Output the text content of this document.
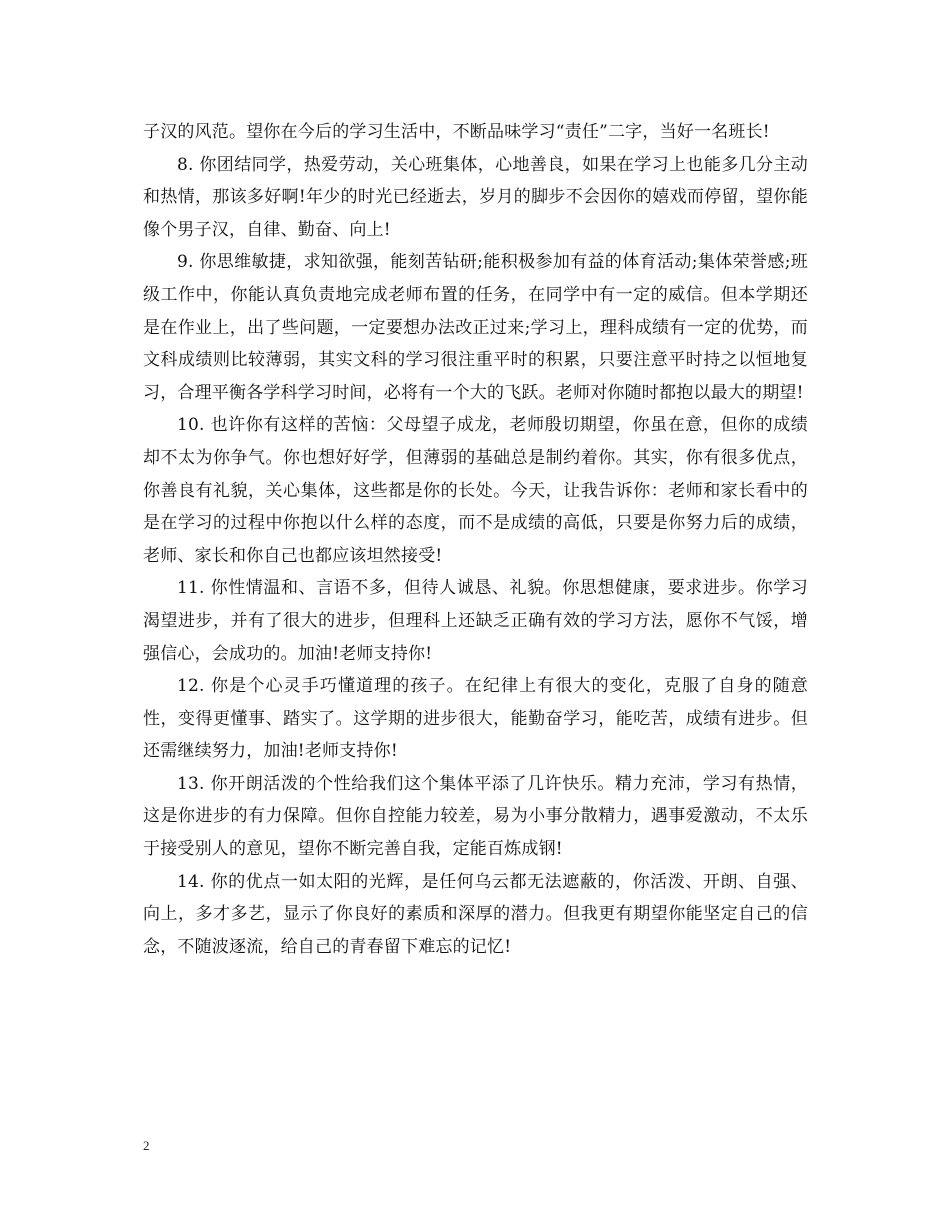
子汉的风范。望你在今后的学习生活中，不断品味学习“责任”二字，当好一名班长!

8. 你团结同学，热爱劳动，关心班集体，心地善良，如果在学习上也能多几分主动和热情，那该多好啊!年少的时光已经逝去，岁月的脚步不会因你的嬉戏而停留，望你能像个男子汉，自律、勤奋、向上!

9. 你思维敏捷，求知欲强，能刻苦钻研;能积极参加有益的体育活动;集体荣誉感;班级工作中，你能认真负责地完成老师布置的任务，在同学中有一定的威信。但本学期还是在作业上，出了些问题，一定要想办法改正过来;学习上，理科成绩有一定的优势，而文科成绩则比较薄弱，其实文科的学习很注重平时的积累，只要注意平时持之以恒地复习，合理平衡各学科学习时间，必将有一个大的飞跃。老师对你随时都抱以最大的期望!

10. 也许你有这样的苦恼：父母望子成龙，老师殷切期望，你虽在意，但你的成绩却不太为你争气。你也想好好学，但薄弱的基础总是制约着你。其实，你有很多优点，你善良有礼貌，关心集体，这些都是你的长处。今天，让我告诉你：老师和家长看中的是在学习的过程中你抱以什么样的态度，而不是成绩的高低，只要是你努力后的成绩，老师、家长和你自己也都应该坦然接受!

11. 你性情温和、言语不多，但待人诚恳、礼貌。你思想健康，要求进步。你学习渴望进步，并有了很大的进步，但理科上还缺乏正确有效的学习方法，愿你不气馁，增强信心，会成功的。加油!老师支持你!

12. 你是个心灵手巧懂道理的孩子。在纪律上有很大的变化，克服了自身的随意性，变得更懂事、踏实了。这学期的进步很大，能勤奋学习，能吃苦，成绩有进步。但还需继续努力，加油!老师支持你!

13. 你开朗活泼的个性给我们这个集体平添了几许快乐。精力充沛，学习有热情，这是你进步的有力保障。但你自控能力较差，易为小事分散精力，遇事爱激动，不太乐于接受别人的意见，望你不断完善自我，定能百炼成钢!

14. 你的优点一如太阳的光辉，是任何乌云都无法遮蔽的，你活泼、开朗、自强、向上，多才多艺，显示了你良好的素质和深厚的潜力。但我更有期望你能坚定自己的信念，不随波逐流，给自己的青春留下难忘的记忆!

2
